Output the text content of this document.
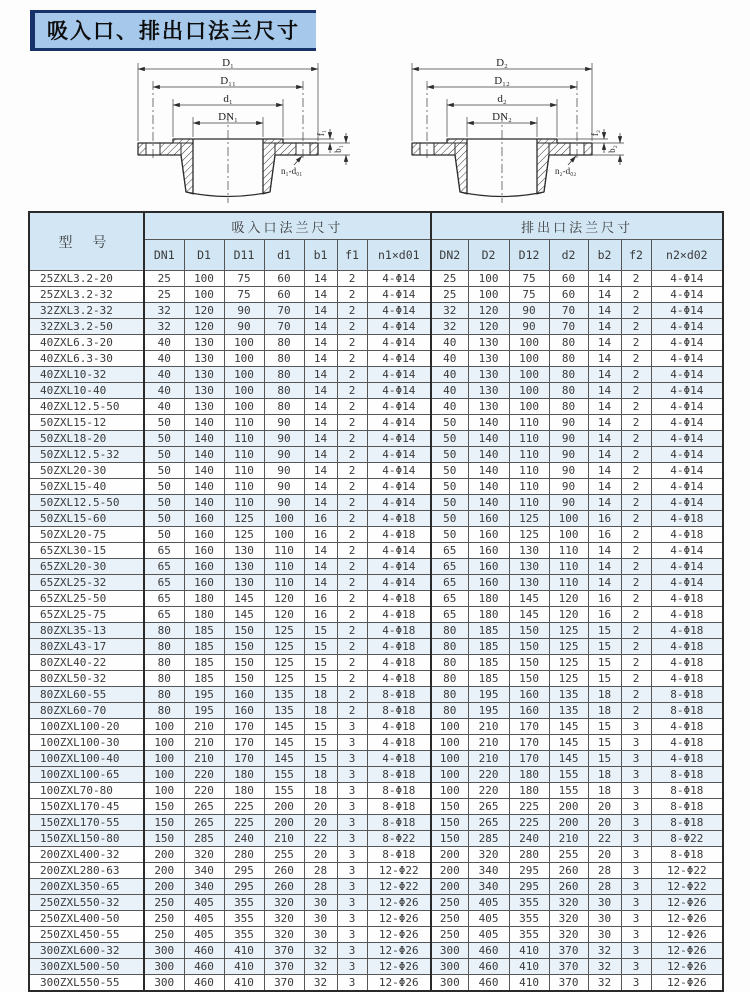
吸入口、排出口法兰尺寸
D₁
D₁₁
d₁
DN₁
f₁
b₁
n₁-d₀₁
D₂
D₁₂
d₂
DN₂
f₂
b₂
n₂-d₀₂
型 号	吸入口法兰尺寸							排出口法兰尺寸						
	DN1	D1	D11	d1	b1	f1	n1×d01	DN2	D2	D12	d2	b2	f2	n2×d02
25ZXL3.2-20	25	100	75	60	14	2	4-Φ14	25	100	75	60	14	2	4-Φ14
25ZXL3.2-32	25	100	75	60	14	2	4-Φ14	25	100	75	60	14	2	4-Φ14
32ZXL3.2-32	32	120	90	70	14	2	4-Φ14	32	120	90	70	14	2	4-Φ14
32ZXL3.2-50	32	120	90	70	14	2	4-Φ14	32	120	90	70	14	2	4-Φ14
40ZXL6.3-20	40	130	100	80	14	2	4-Φ14	40	130	100	80	14	2	4-Φ14
40ZXL6.3-30	40	130	100	80	14	2	4-Φ14	40	130	100	80	14	2	4-Φ14
40ZXL10-32	40	130	100	80	14	2	4-Φ14	40	130	100	80	14	2	4-Φ14
40ZXL10-40	40	130	100	80	14	2	4-Φ14	40	130	100	80	14	2	4-Φ14
40ZXL12.5-50	40	130	100	80	14	2	4-Φ14	40	130	100	80	14	2	4-Φ14
50ZXL15-12	50	140	110	90	14	2	4-Φ14	50	140	110	90	14	2	4-Φ14
50ZXL18-20	50	140	110	90	14	2	4-Φ14	50	140	110	90	14	2	4-Φ14
50ZXL12.5-32	50	140	110	90	14	2	4-Φ14	50	140	110	90	14	2	4-Φ14
50ZXL20-30	50	140	110	90	14	2	4-Φ14	50	140	110	90	14	2	4-Φ14
50ZXL15-40	50	140	110	90	14	2	4-Φ14	50	140	110	90	14	2	4-Φ14
50ZXL12.5-50	50	140	110	90	14	2	4-Φ14	50	140	110	90	14	2	4-Φ14
50ZXL15-60	50	160	125	100	16	2	4-Φ18	50	160	125	100	16	2	4-Φ18
50ZXL20-75	50	160	125	100	16	2	4-Φ18	50	160	125	100	16	2	4-Φ18
65ZXL30-15	65	160	130	110	14	2	4-Φ14	65	160	130	110	14	2	4-Φ14
65ZXL20-30	65	160	130	110	14	2	4-Φ14	65	160	130	110	14	2	4-Φ14
65ZXL25-32	65	160	130	110	14	2	4-Φ14	65	160	130	110	14	2	4-Φ14
65ZXL25-50	65	180	145	120	16	2	4-Φ18	65	180	145	120	16	2	4-Φ18
65ZXL25-75	65	180	145	120	16	2	4-Φ18	65	180	145	120	16	2	4-Φ18
80ZXL35-13	80	185	150	125	15	2	4-Φ18	80	185	150	125	15	2	4-Φ18
80ZXL43-17	80	185	150	125	15	2	4-Φ18	80	185	150	125	15	2	4-Φ18
80ZXL40-22	80	185	150	125	15	2	4-Φ18	80	185	150	125	15	2	4-Φ18
80ZXL50-32	80	185	150	125	15	2	4-Φ18	80	185	150	125	15	2	4-Φ18
80ZXL60-55	80	195	160	135	18	2	8-Φ18	80	195	160	135	18	2	8-Φ18
80ZXL60-70	80	195	160	135	18	2	8-Φ18	80	195	160	135	18	2	8-Φ18
100ZXL100-20	100	210	170	145	15	3	4-Φ18	100	210	170	145	15	3	4-Φ18
100ZXL100-30	100	210	170	145	15	3	4-Φ18	100	210	170	145	15	3	4-Φ18
100ZXL100-40	100	210	170	145	15	3	4-Φ18	100	210	170	145	15	3	4-Φ18
100ZXL100-65	100	220	180	155	18	3	8-Φ18	100	220	180	155	18	3	8-Φ18
100ZXL70-80	100	220	180	155	18	3	8-Φ18	100	220	180	155	18	3	8-Φ18
150ZXL170-45	150	265	225	200	20	3	8-Φ18	150	265	225	200	20	3	8-Φ18
150ZXL170-55	150	265	225	200	20	3	8-Φ18	150	265	225	200	20	3	8-Φ18
150ZXL150-80	150	285	240	210	22	3	8-Φ22	150	285	240	210	22	3	8-Φ22
200ZXL400-32	200	320	280	255	20	3	8-Φ18	200	320	280	255	20	3	8-Φ18
200ZXL280-63	200	340	295	260	28	3	12-Φ22	200	340	295	260	28	3	12-Φ22
200ZXL350-65	200	340	295	260	28	3	12-Φ22	200	340	295	260	28	3	12-Φ22
250ZXL550-32	250	405	355	320	30	3	12-Φ26	250	405	355	320	30	3	12-Φ26
250ZXL400-50	250	405	355	320	30	3	12-Φ26	250	405	355	320	30	3	12-Φ26
250ZXL450-55	250	405	355	320	30	3	12-Φ26	250	405	355	320	30	3	12-Φ26
300ZXL600-32	300	460	410	370	32	3	12-Φ26	300	460	410	370	32	3	12-Φ26
300ZXL500-50	300	460	410	370	32	3	12-Φ26	300	460	410	370	32	3	12-Φ26
300ZXL550-55	300	460	410	370	32	3	12-Φ26	300	460	410	370	32	3	12-Φ26
